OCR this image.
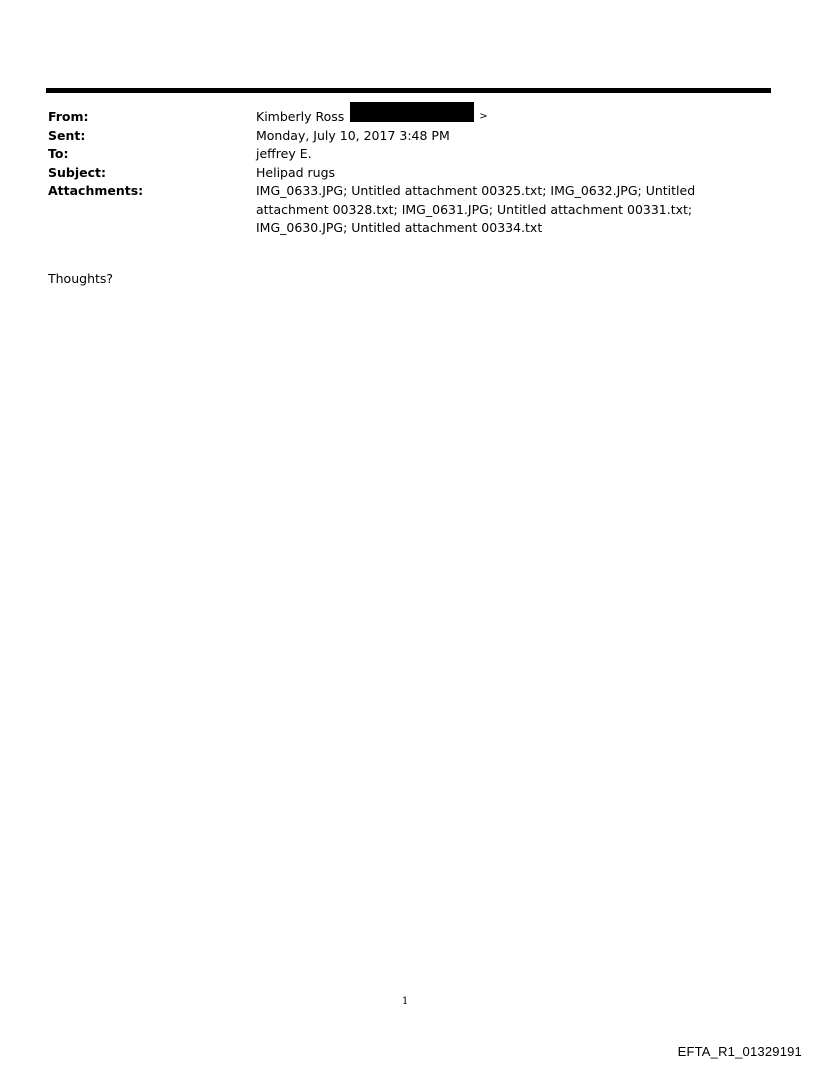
From:	Kimberly Ross	>
Sent:	Monday, July 10, 2017 3:48 PM
To:	jeffrey E.
Subject:	Helipad rugs
Attachments:	IMG_0633.JPG; Untitled attachment 00325.txt; IMG_0632.JPG; Untitled attachment 00328.txt; IMG_0631.JPG; Untitled attachment 00331.txt; IMG_0630.JPG; Untitled attachment 00334.txt
Thoughts?
1
EFTA_R1_01329191
